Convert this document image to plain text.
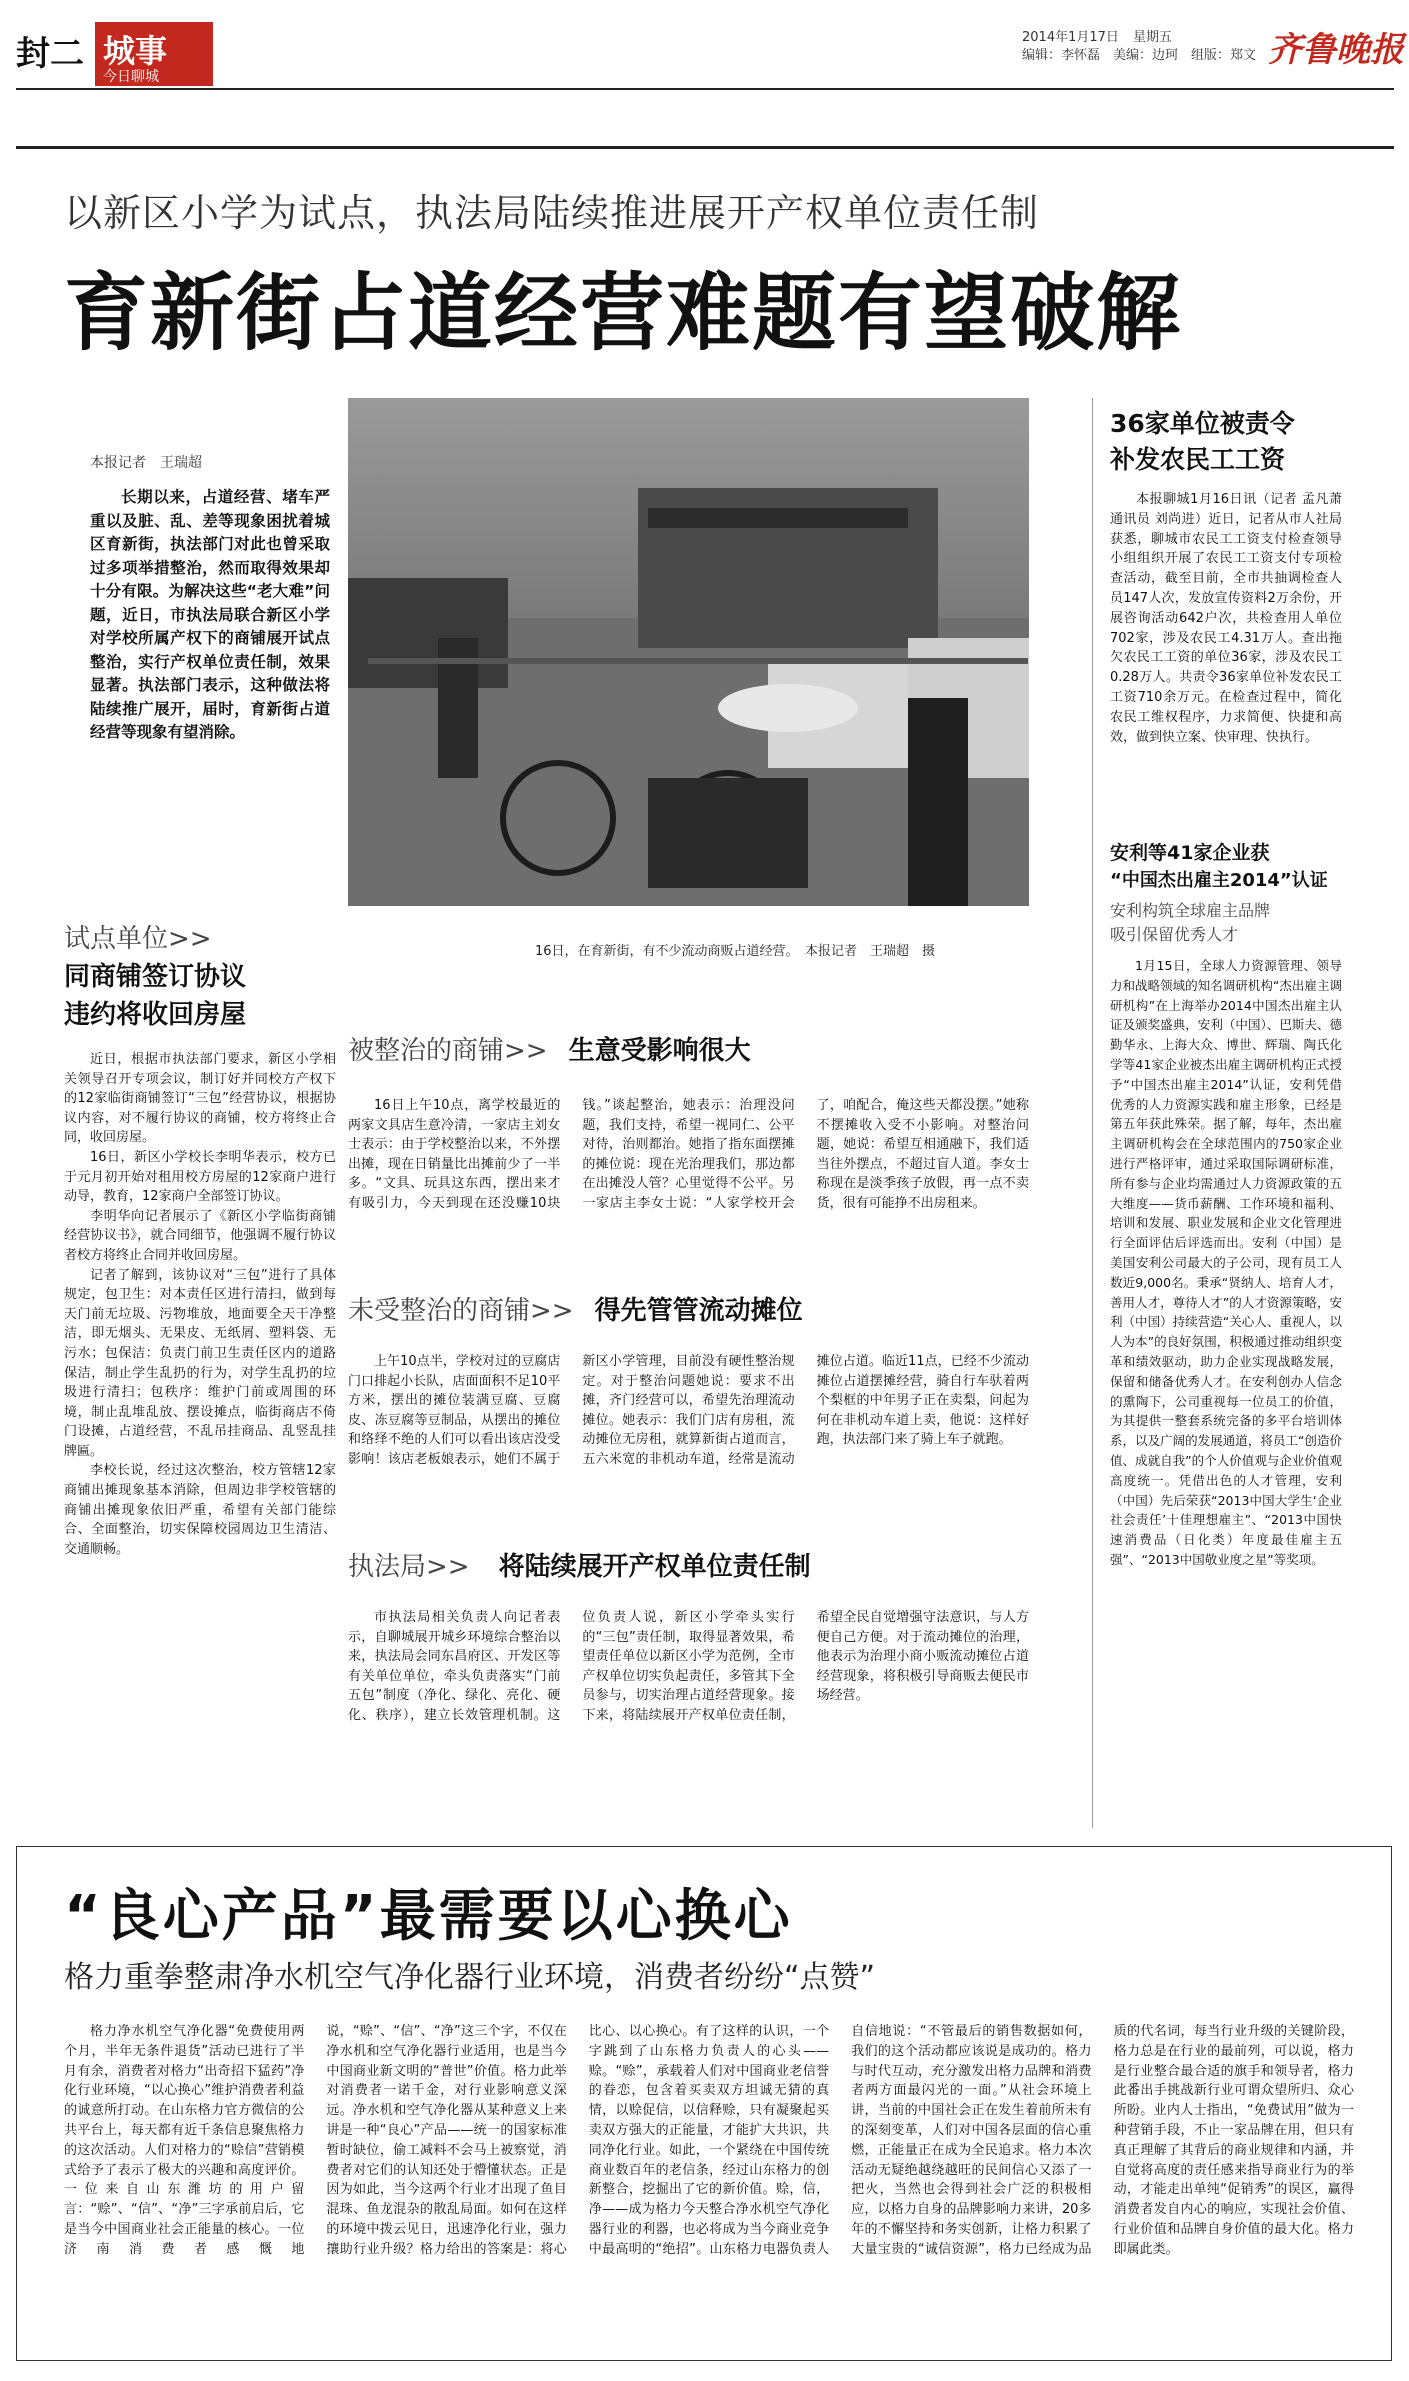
封二 城事
今日聊城
2014年1月17日 星期五
编辑：李怀磊　美编：边珂　组版：郑文 齐鲁晚报
以新区小学为试点，执法局陆续推进展开产权单位责任制
育新街占道经营难题有望破解
本报记者　王瑞超

长期以来，占道经营、堵车严重以及脏、乱、差等现象困扰着城区育新街，执法部门对此也曾采取过多项举措整治，然而取得效果却十分有限。为解决这些“老大难”问题，近日，市执法局联合新区小学对学校所属产权下的商铺展开试点整治，实行产权单位责任制，效果显著。执法部门表示，这种做法将陆续推广展开，届时，育新街占道经营等现象有望消除。

16日，在育新街，有不少流动商贩占道经营。　本报记者　王瑞超　摄
试点单位>>
同商铺签订协议
违约将收回房屋

近日，根据市执法部门要求，新区小学相关领导召开专项会议，制订好并同校方产权下的12家临街商铺签订“三包”经营协议，根据协议内容，对不履行协议的商铺，校方将终止合同，收回房屋。

16日，新区小学校长李明华表示，校方已于元月初开始对租用校方房屋的12家商户进行动导，教育，12家商户全部签订协议。

李明华向记者展示了《新区小学临街商铺经营协议书》，就合同细节，他强调不履行协议者校方将终止合同并收回房屋。

记者了解到，该协议对“三包”进行了具体规定，包卫生：对本责任区进行清扫，做到每天门前无垃圾、污物堆放，地面要全天干净整洁，即无烟头、无果皮、无纸屑、塑料袋、无污水；包保洁：负责门前卫生责任区内的道路保洁，制止学生乱扔的行为，对学生乱扔的垃圾进行清扫；包秩序：维护门前或周围的环境，制止乱堆乱放、摆设摊点，临街商店不倚门设摊，占道经营，不乱吊挂商品、乱竖乱挂牌匾。

李校长说，经过这次整治，校方管辖12家商铺出摊现象基本消除，但周边非学校管辖的商铺出摊现象依旧严重，希望有关部门能综合、全面整治，切实保障校园周边卫生清洁、交通顺畅。

被整治的商铺>> 生意受影响很大

16日上午10点，离学校最近的两家文具店生意冷清，一家店主刘女士表示：由于学校整治以来，不外摆出摊，现在日销量比出摊前少了一半多。“文具、玩具这东西，摆出来才有吸引力，今天到现在还没赚10块钱。”谈起整治，她表示：治理没问题，我们支持，希望一视同仁、公平对待，治则都治。她指了指东面摆摊的摊位说：现在光治理我们，那边都在出摊没人管？心里觉得不公平。另一家店主李女士说：“人家学校开会了，咱配合，俺这些天都没摆。”她称不摆摊收入受不小影响。对整治问题，她说：希望互相通融下，我们适当往外摆点，不超过盲人道。李女士称现在是淡季孩子放假，再一点不卖货，很有可能挣不出房租来。

未受整治的商铺>> 得先管管流动摊位

上午10点半，学校对过的豆腐店门口排起小长队，店面面积不足10平方米，摆出的摊位装满豆腐、豆腐皮、冻豆腐等豆制品，从摆出的摊位和络绎不绝的人们可以看出该店没受影响！该店老板娘表示，她们不属于新区小学管理，目前没有硬性整治规定。对于整治问题她说：要求不出摊，齐门经营可以，希望先治理流动摊位。她表示：我们门店有房租，流动摊位无房租，就算新街占道而言，五六米宽的非机动车道，经常是流动摊位占道。临近11点，已经不少流动摊位占道摆摊经营，骑自行车驮着两个梨框的中年男子正在卖梨，问起为何在非机动车道上卖，他说：这样好跑，执法部门来了骑上车子就跑。

执法局>> 将陆续展开产权单位责任制

市执法局相关负责人向记者表示，自聊城展开城乡环境综合整治以来，执法局会同东昌府区、开发区等有关单位单位，牵头负责落实“门前五包”制度（净化、绿化、亮化、硬化、秩序），建立长效管理机制。这位负责人说，新区小学牵头实行的“三包”责任制，取得显著效果，希望责任单位以新区小学为范例，全市产权单位切实负起责任，多管其下全员参与，切实治理占道经营现象。接下来，将陆续展开产权单位责任制，希望全民自觉增强守法意识，与人方便自己方便。对于流动摊位的治理，他表示为治理小商小贩流动摊位占道经营现象，将积极引导商贩去便民市场经营。

36家单位被责令
补发农民工工资

本报聊城1月16日讯（记者 孟凡萧 通讯员 刘尚进）近日，记者从市人社局获悉，聊城市农民工工资支付检查领导小组组织开展了农民工工资支付专项检查活动，截至目前，全市共抽调检查人员147人次，发放宣传资料2万余份，开展咨询活动642户次，共检查用人单位702家，涉及农民工4.31万人。查出拖欠农民工工资的单位36家，涉及农民工0.28万人。共责令36家单位补发农民工工资710余万元。在检查过程中，简化农民工维权程序，力求简便、快捷和高效，做到快立案、快审理、快执行。

安利等41家企业获
“中国杰出雇主2014”认证
安利构筑全球雇主品牌
吸引保留优秀人才

1月15日，全球人力资源管理、领导力和战略领域的知名调研机构“杰出雇主调研机构”在上海举办2014中国杰出雇主认证及颁奖盛典，安利（中国）、巴斯夫、德勤华永、上海大众、博世、辉瑞、陶氏化学等41家企业被杰出雇主调研机构正式授予“中国杰出雇主2014”认证，安利凭借优秀的人力资源实践和雇主形象，已经是第五年获此殊荣。据了解，每年，杰出雇主调研机构会在全球范围内的750家企业进行严格评审，通过采取国际调研标准，所有参与企业均需通过人力资源政策的五大维度——货币薪酬、工作环境和福利、培训和发展、职业发展和企业文化管理进行全面评估后评选而出。安利（中国）是美国安利公司最大的子公司，现有员工人数近9,000名。秉承“贤纳人、培育人才，善用人才，尊待人才”的人才资源策略，安利（中国）持续营造“关心人、重视人，以人为本”的良好氛围，积极通过推动组织变革和绩效驱动，助力企业实现战略发展，保留和储备优秀人才。在安利创办人信念的熏陶下，公司重视每一位员工的价值，为其提供一整套系统完备的多平台培训体系，以及广阔的发展通道，将员工“创造价值、成就自我”的个人价值观与企业价值观高度统一。凭借出色的人才管理，安利（中国）先后荣获“2013中国大学生‘企业社会责任’十佳理想雇主”、“2013中国快速消费品（日化类）年度最佳雇主五强”、“2013中国敬业度之星”等奖项。

“良心产品”最需要以心换心
格力重拳整肃净水机空气净化器行业环境，消费者纷纷“点赞”

格力净水机空气净化器“免费使用两个月，半年无条件退货”活动已进行了半月有余，消费者对格力“出奇招下猛药”净化行业环境，“以心换心”维护消费者利益的诚意所打动。在山东格力官方微信的公共平台上，每天都有近千条信息聚焦格力的这次活动。人们对格力的“赊信”营销模式给予了表示了极大的兴趣和高度评价。一位来自山东潍坊的用户留言：“赊”、“信”、“净”三字承前启后，它是当今中国商业社会正能量的核心。一位济南消费者感慨地说，“赊”、“信”、“净”这三个字，不仅在净水机和空气净化器行业适用，也是当今中国商业新文明的“普世”价值。格力此举对消费者一诺千金，对行业影响意义深远。净水机和空气净化器从某种意义上来讲是一种“良心”产品——统一的国家标准暂时缺位，偷工减料不会马上被察觉，消费者对它们的认知还处于懵懂状态。正是因为如此，当今这两个行业才出现了鱼目混珠、鱼龙混杂的散乱局面。如何在这样的环境中拨云见日，迅速净化行业，强力攘助行业升级？格力给出的答案是：将心比心、以心换心。有了这样的认识，一个字跳到了山东格力负责人的心头——赊。“赊”，承载着人们对中国商业老信誉的眷恋，包含着买卖双方坦诚无猜的真情，以赊促信，以信释赊，只有凝聚起买卖双方强大的正能量，才能扩大共识，共同净化行业。如此，一个紧绕在中国传统商业数百年的老信条，经过山东格力的创新整合，挖掘出了它的新价值。赊，信，净——成为格力今天整合净水机空气净化器行业的利器，也必将成为当今商业竞争中最高明的“绝招”。山东格力电器负责人自信地说：“不管最后的销售数据如何，我们的这个活动都应该说是成功的。格力与时代互动，充分激发出格力品牌和消费者两方面最闪光的一面。”从社会环境上讲，当前的中国社会正在发生着前所未有的深刻变革，人们对中国各层面的信心重燃，正能量正在成为全民追求。格力本次活动无疑绝越绕越旺的民间信心又添了一把火，当然也会得到社会广泛的积极相应，以格力自身的品牌影响力来讲，20多年的不懈坚持和务实创新，让格力积累了大量宝贵的“诚信资源”，格力已经成为品质的代名词，每当行业升级的关键阶段，格力总是在行业的最前列，可以说，格力是行业整合最合适的旗手和领导者，格力此番出手挑战新行业可谓众望所归、众心所盼。业内人士指出，“免费试用”做为一种营销手段，不止一家品牌在用，但只有真正理解了其背后的商业规律和内涵，并自觉将高度的责任感来指导商业行为的举动，才能走出单纯“促销秀”的误区，赢得消费者发自内心的响应，实现社会价值、行业价值和品牌自身价值的最大化。格力即属此类。
